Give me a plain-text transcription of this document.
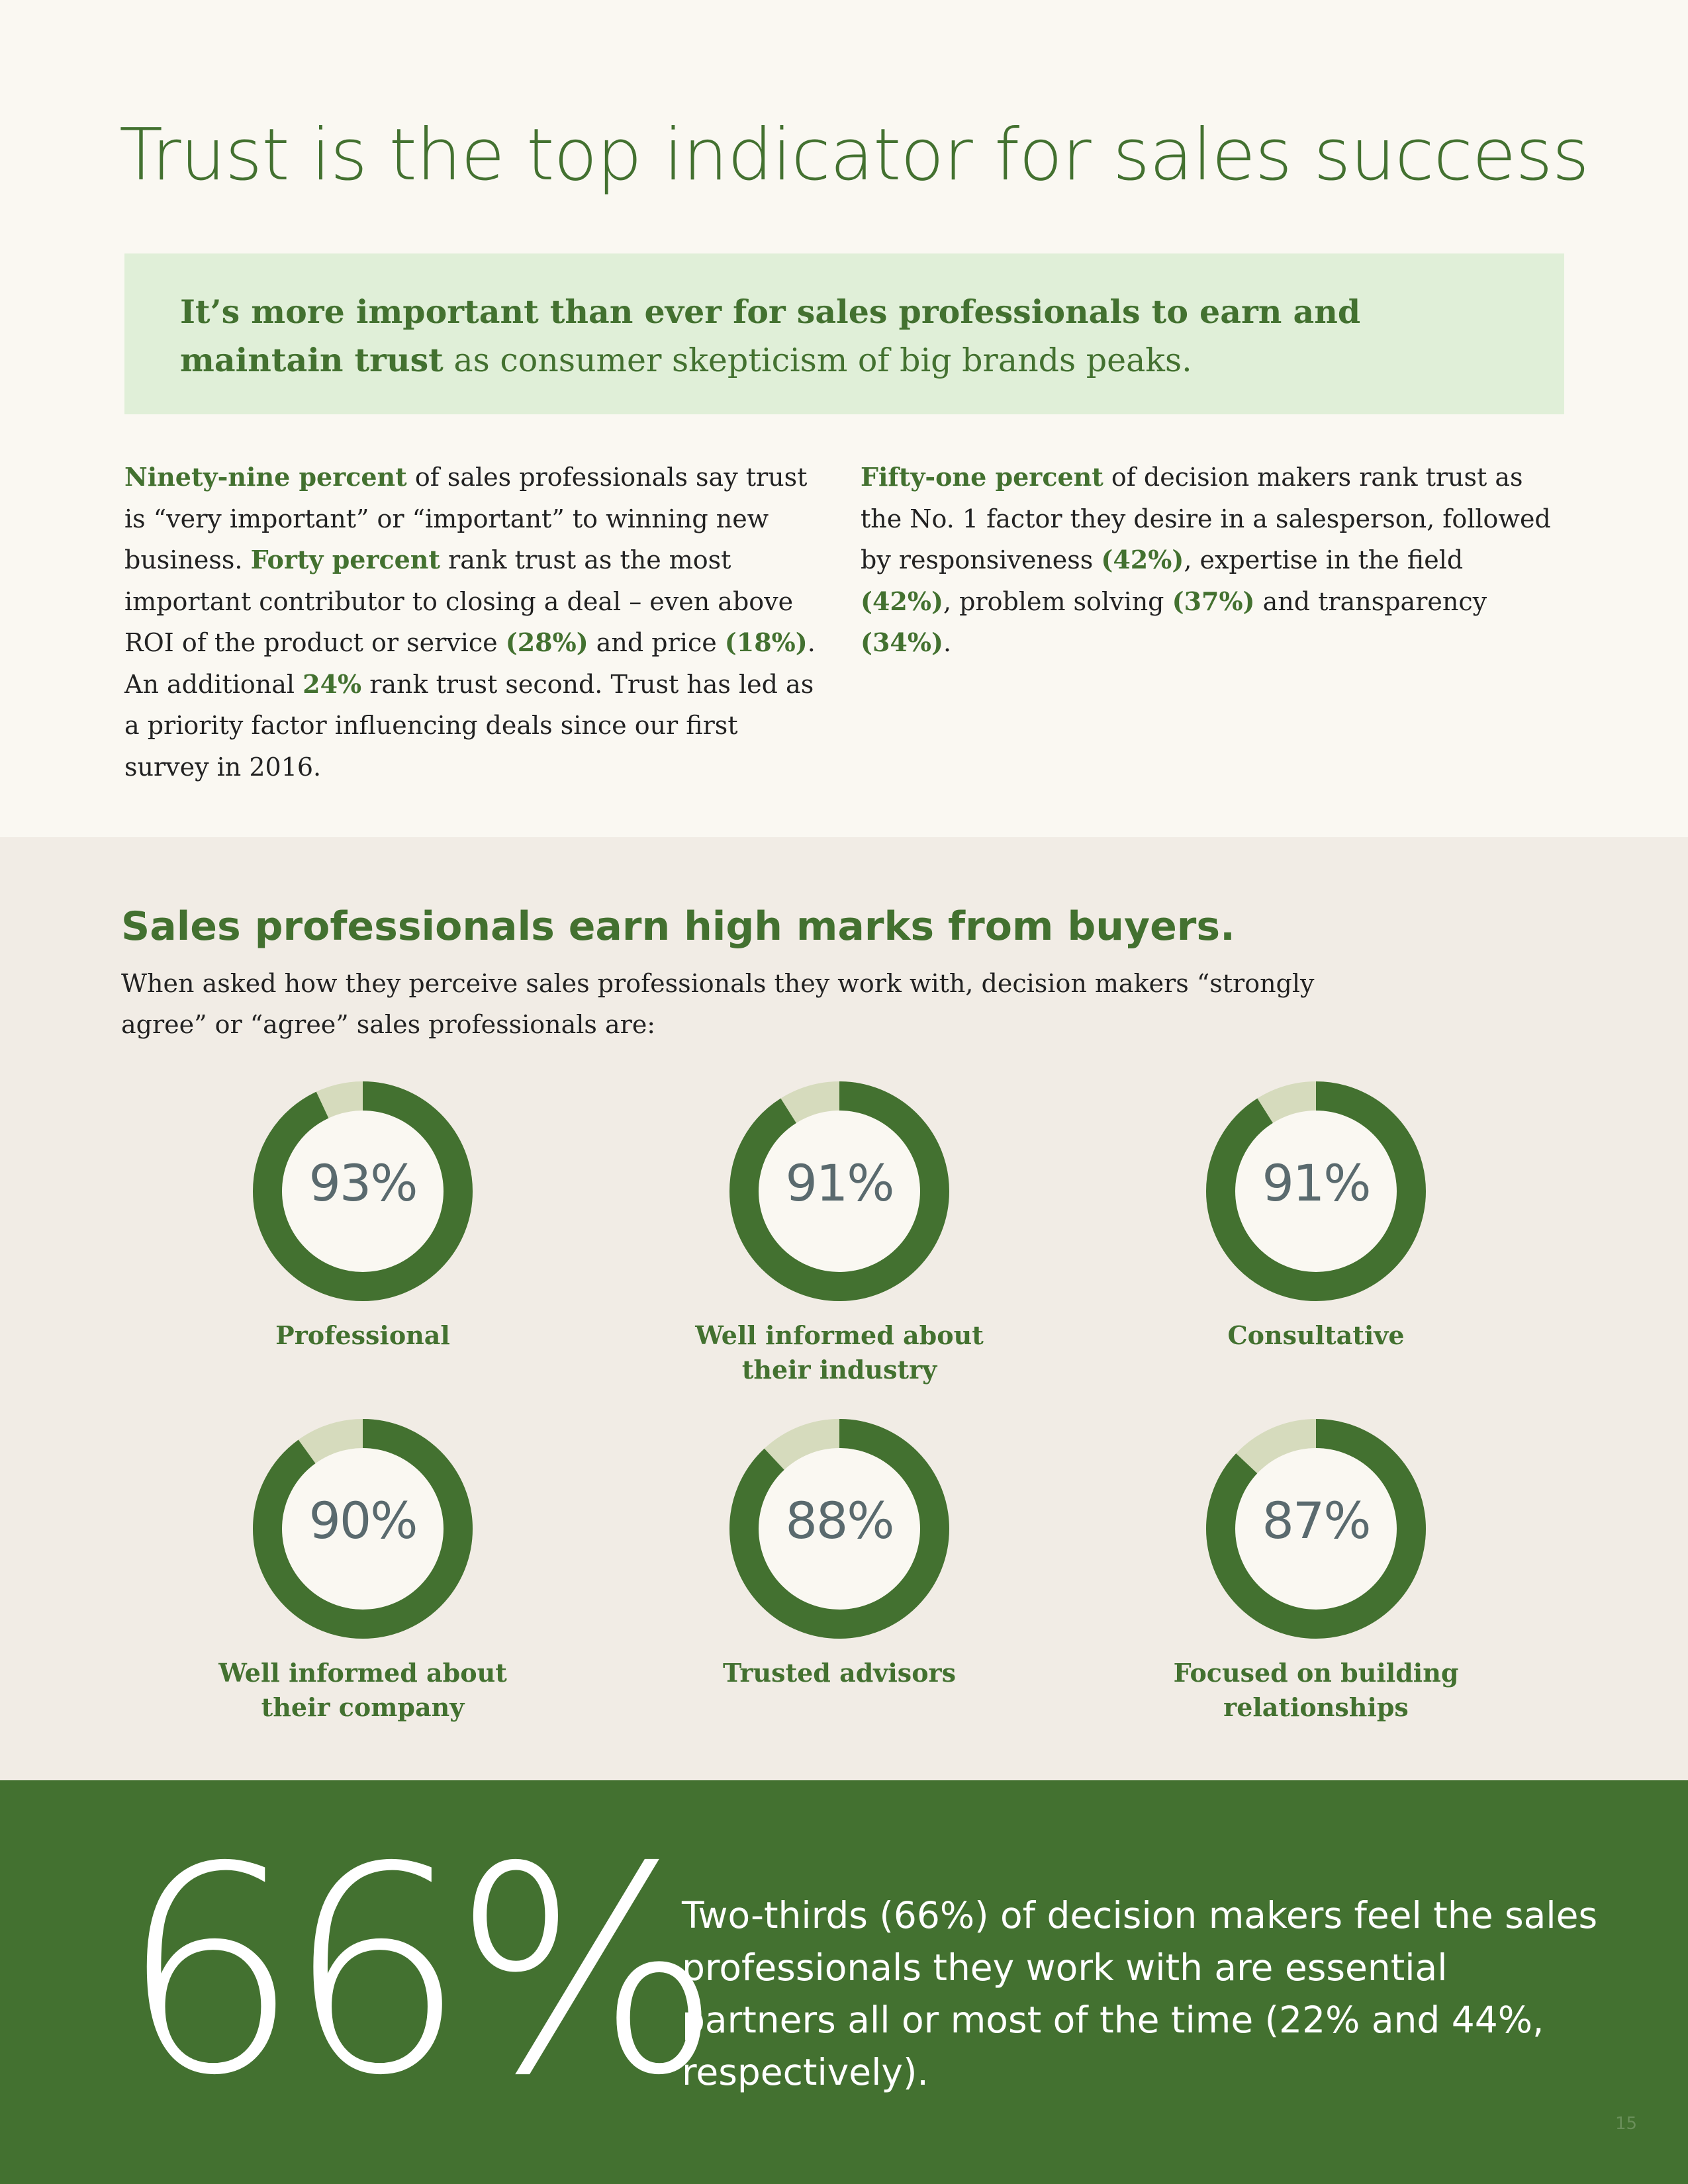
Trust is the top indicator for sales success

It’s more important than ever for sales professionals to earn and maintain trust as consumer skepticism of big brands peaks.

Ninety-nine percent of sales professionals say trust is “very important” or “important” to winning new business. Forty percent rank trust as the most important contributor to closing a deal – even above ROI of the product or service (28%) and price (18%). An additional 24% rank trust second. Trust has led as a priority factor influencing deals since our first survey in 2016.

Fifty-one percent of decision makers rank trust as the No. 1 factor they desire in a salesperson, followed by responsiveness (42%), expertise in the field (42%), problem solving (37%) and transparency (34%).

Sales professionals earn high marks from buyers.

When asked how they perceive sales professionals they work with, decision makers “strongly agree” or “agree” sales professionals are:

93%
Professional
91%
Well informed about their industry
91%
Consultative
90%
Well informed about their company
88%
Trusted advisors
87%
Focused on building relationships

66%

Two-thirds (66%) of decision makers feel the sales professionals they work with are essential partners all or most of the time (22% and 44%, respectively).

15
